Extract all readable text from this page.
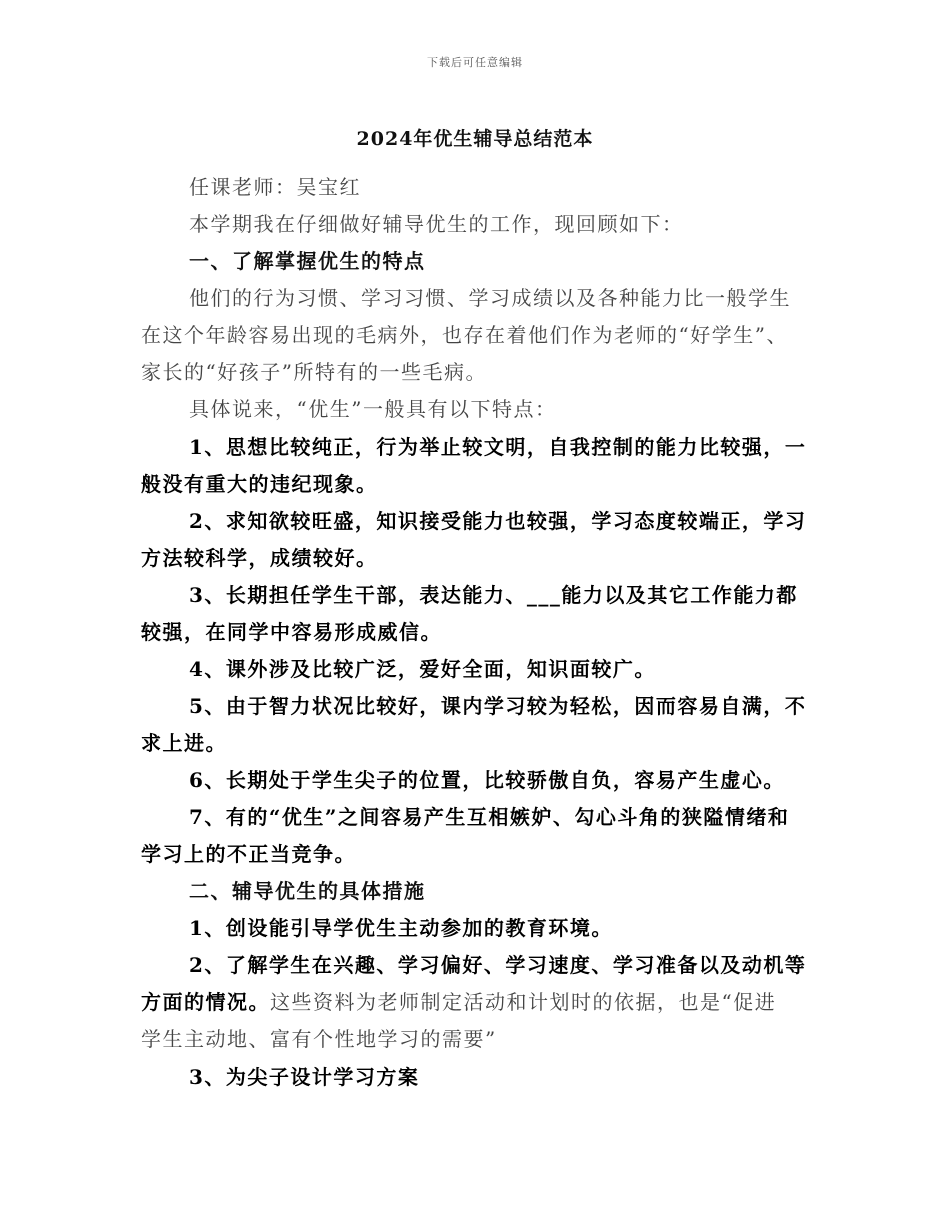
下载后可任意编辑
2024年优生辅导总结范本
任课老师：吴宝红
本学期我在仔细做好辅导优生的工作，现回顾如下：
一、了解掌握优生的特点
他们的行为习惯、学习习惯、学习成绩以及各种能力比一般学生
在这个年龄容易出现的毛病外，也存在着他们作为老师的“好学生”、
家长的“好孩子”所特有的一些毛病。
具体说来，“优生”一般具有以下特点：
1、思想比较纯正，行为举止较文明，自我控制的能力比较强，一
般没有重大的违纪现象。
2、求知欲较旺盛，知识接受能力也较强，学习态度较端正，学习
方法较科学，成绩较好。
3、长期担任学生干部，表达能力、___能力以及其它工作能力都
较强，在同学中容易形成威信。
4、课外涉及比较广泛，爱好全面，知识面较广。
5、由于智力状况比较好，课内学习较为轻松，因而容易自满，不
求上进。
6、长期处于学生尖子的位置，比较骄傲自负，容易产生虚心。
7、有的“优生”之间容易产生互相嫉妒、勾心斗角的狭隘情绪和
学习上的不正当竞争。
二、辅导优生的具体措施
1、创设能引导学优生主动参加的教育环境。
2、了解学生在兴趣、学习偏好、学习速度、学习准备以及动机等
方面的情况。这些资料为老师制定活动和计划时的依据，也是“促进
学生主动地、富有个性地学习的需要”
3、为尖子设计学习方案
